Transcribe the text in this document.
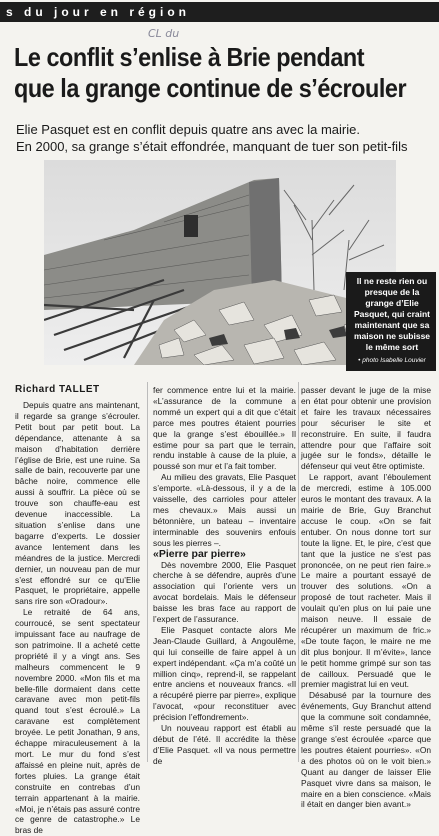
s du jour en région
CL du
Le conflit s’enlise à Brie pendant
que la grange continue de s’écrouler
Elie Pasquet est en conflit depuis quatre ans avec la mairie.
En 2000, sa grange s’était effondrée, manquant de tuer son petit-fils
Il ne reste rien ou presque de la grange d’Elie Pasquet, qui craint maintenant que sa maison ne subisse le même sort
• photo Isabelle Louvier
Richard TALLET

Depuis quatre ans maintenant, il regarde sa grange s’écrouler. Petit bout par petit bout. La dépendance, attenante à sa maison d’habitation derrière l’église de Brie, est une ruine. Sa salle de bain, recouverte par une bâche noire, commence elle aussi à souffrir. La pièce où se trouve son chauffe-eau est devenue inaccessible. La situation s’enlise dans une bagarre d’experts. Le dossier avance lentement dans les méandres de la justice. Mercredi dernier, un nouveau pan de mur s’est effondré sur ce qu’Elie Pasquet, le propriétaire, appelle sans rire son «Oradour».

Le retraité de 64 ans, courroucé, se sent spectateur impuissant face au naufrage de son patrimoine. Il a acheté cette propriété il y a vingt ans. Ses malheurs commencent le 9 novembre 2000. «Mon fils et ma belle-fille dormaient dans cette caravane avec mon petit-fils quand tout s’est écroulé.» La caravane est complètement broyée. Le petit Jonathan, 9 ans, échappe miraculeusement à la mort. Le mur du fond s’est affaissé en pleine nuit, après de fortes pluies. La grange était construite en contrebas d’un terrain appartenant à la mairie. «Moi, je n’étais pas assuré contre ce genre de catastrophe.» Le bras de

fer commence entre lui et la mairie. «L’assurance de la commune a nommé un expert qui a dit que c’était parce mes poutres étaient pourries que la grange s’est ébouillée.» Il estime pour sa part que le terrain, rendu instable à cause de la pluie, a poussé son mur et l’a fait tomber.

Au milieu des gravats, Elie Pasquet s’emporte. «Là-dessous, il y a de la vaisselle, des carrioles pour atteler mes chevaux.» Mais aussi un bétonnière, un bateau – inventaire interminable des souvenirs enfouis sous les pierres –.

«Pierre par pierre»

Dès novembre 2000, Elie Pasquet cherche à se défendre, auprès d’une association qui l’oriente vers un avocat bordelais. Mais le défenseur baisse les bras face au rapport de l’expert de l’assurance.

Elie Pasquet contacte alors Me Jean-Claude Guillard, à Angoulême, qui lui conseille de faire appel à un expert indépendant. «Ça m’a coûté un million cinq», reprend-il, se rappelant entre anciens et nouveaux francs. «Il a récupéré pierre par pierre», explique l’avocat, «pour reconstituer avec précision l’effondrement».

Un nouveau rapport est établi au début de l’été. Il accrédite la thèse d’Elie Pasquet. «Il va nous permettre de

passer devant le juge de la mise en état pour obtenir une provision et faire les travaux nécessaires pour sécuriser le site et reconstruire. En suite, il faudra attendre pour que l’affaire soit jugée sur le fonds», détaille le défenseur qui veut être optimiste.

Le rapport, avant l’éboulement de mercredi, estime à 105.000 euros le montant des travaux. A la mairie de Brie, Guy Branchut accuse le coup. «On se fait entuber. On nous donne tort sur toute la ligne. Et, le pire, c’est que tant que la justice ne s’est pas prononcée, on ne peut rien faire.» Le maire a pourtant essayé de trouver des solutions. «On a proposé de tout racheter. Mais il voulait qu’en plus on lui paie une maison neuve. Il essaie de récupérer un maximum de fric.» «De toute façon, le maire ne me dit plus bonjour. Il m’évite», lance le petit homme grimpé sur son tas de cailloux. Persuadé que le premier magistrat lui en veut.

Désabusé par la tournure des événements, Guy Branchut attend que la commune soit condamnée, même s’il reste persuadé que la grange s’est écroulée «parce que les poutres étaient pourries». «On a des photos où on le voit bien.» Quant au danger de laisser Elie Pasquet vivre dans sa maison, le maire en a bien conscience. «Mais il était en danger bien avant.»
